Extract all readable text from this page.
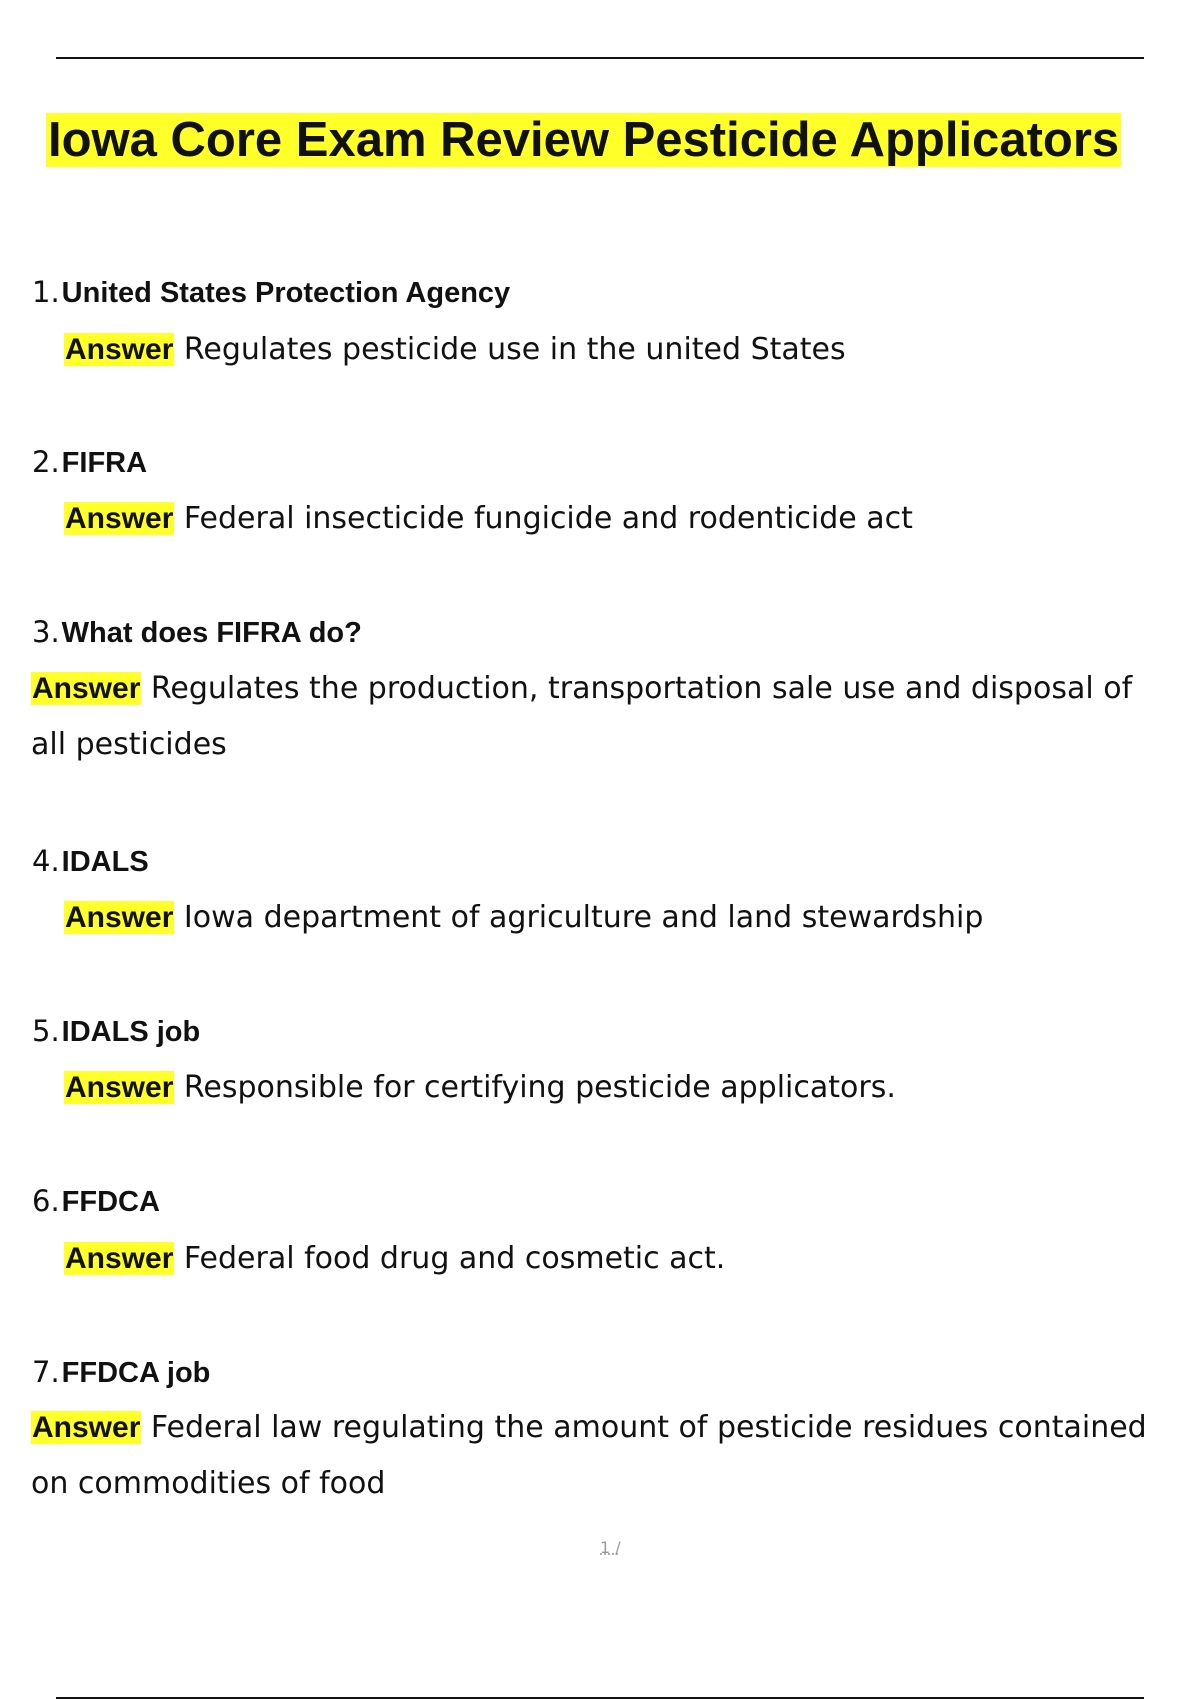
Iowa Core Exam Review Pesticide Applicators

1.United States Protection Agency

Answer Regulates pesticide use in the united States

2.FIFRA

Answer Federal insecticide fungicide and rodenticide act

3.What does FIFRA do?

Answer Regulates the production, transportation sale use and disposal of all pesticides

4.IDALS

Answer Iowa department of agriculture and land stewardship

5.IDALS job

Answer Responsible for certifying pesticide applicators.

6.FFDCA

Answer Federal food drug and cosmetic act.

7.FFDCA job

Answer Federal law regulating the amount of pesticide residues contained on commodities of food

1 /
